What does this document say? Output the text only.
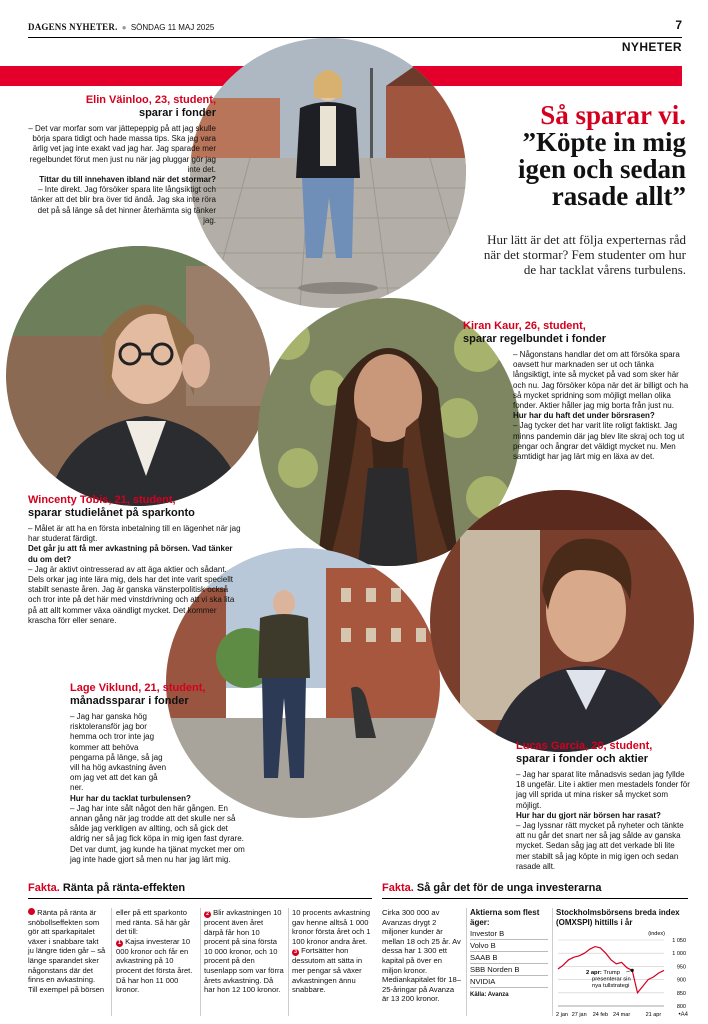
DAGENS NYHETER. ● SÖNDAG 11 MAJ 2025	7
NYHETER
Elin Väinloo, 23, student,
sparar i fonder

– Det var morfar som var jättepeppig på att jag skulle börja spara tidigt och hade massa tips. Ska jag vara ärlig vet jag inte exakt vad jag har. Jag sparade mer regelbundet förut men just nu när jag pluggar gör jag inte det.

Tittar du till innehaven ibland när det stormar?

– Inte direkt. Jag försöker spara lite långsiktigt och tänker att det blir bra över tid ändå. Jag ska inte röra det på så länge så det hinner återhämta sig tänker jag.

Så sparar vi.
”Köpte in mig igen och sedan rasade allt”
Hur lätt är det att följa experternas råd när det stormar? Fem studenter om hur de har tacklat vårens turbulens.
Kiran Kaur, 26, student,
sparar regelbundet i fonder

– Någonstans handlar det om att försöka spara oavsett hur marknaden ser ut och tänka långsiktigt, inte så mycket på vad som sker här och nu. Jag försöker köpa när det är billigt och ha så mycket spridning som möjligt mellan olika fonder. Aktier håller jag mig borta från just nu.

Hur har du haft det under börsrasen?

– Jag tycker det har varit lite roligt faktiskt. Jag minns pandemin där jag blev lite skraj och tog ut pengar och ångrar det väldigt mycket nu. Men samtidigt har jag lärt mig en läxa av det.

Wincenty Tobis, 21, student,
sparar studielånet på sparkonto

– Målet är att ha en första inbetalning till en lägenhet när jag har studerat färdigt.

Det går ju att få mer avkastning på börsen. Vad tänker du om det?

– Jag är aktivt ointresserad av att äga aktier och sådant. Dels orkar jag inte lära mig, dels har det inte varit speciellt stabilt senaste åren. Jag är ganska vänsterpolitisk också och tror inte på det här med vinstdrivning och att vi ska lita på att allt kommer växa oändligt mycket. Det kommer krascha förr eller senare.

Lage Viklund, 21, student,
månadssparar i fonder

– Jag har ganska hög risktoleransför jag bor hemma och tror inte jag kommer att behöva pengarna på länge, så jag vill ha hög avkastning även om jag vet att det kan gå ner.

Hur har du tacklat turbulensen?

– Jag har inte sålt något den här gången. En annan gång när jag trodde att det skulle ner så sålde jag verkligen av allting, och så gick det aldrig ner så jag fick köpa in mig igen fast dyrare. Det var dumt, jag kunde ha tjänat mycket mer om jag inte hade gjort så men nu har jag lärt mig.

Lucas Garcia, 20, student,
sparar i fonder och aktier

– Jag har sparat lite månadsvis sedan jag fyllde 18 ungefär. Lite i aktier men mestadels fonder för jag vill sprida ut mina risker så mycket som möjligt.

Hur har du gjort när börsen har rasat?

– Jag lyssnar rätt mycket på nyheter och tänkte att nu går det snart ner så jag sålde av ganska mycket. Sedan såg jag att det verkade bli lite mer stabilt så jag köpte in mig igen och sedan rasade allt.

Fakta. Ränta på ränta-effekten
Ränta på ränta är snöbollseffekten som gör att sparkapitalet växer i snabbare takt ju längre tiden går – så länge sparandet sker någonstans där det finns en avkastning. Till exempel på börsen
eller på ett sparkonto med ränta. Så här går det till:
1 Kajsa investerar 10 000 kronor och får en avkastning på 10 procent det första året. Då har hon 11 000 kronor.
2 Blir avkastningen 10 procent även året därpå får hon 10 procent på sina första 10 000 kronor, och 10 procent på den tusenlapp som var förra årets avkastning. Då har hon 12 100 kronor.
10 procents avkastning gav henne alltså 1 000 kronor första året och 1 100 kronor andra året.
3 Fortsätter hon dessutom att sätta in mer pengar så växer avkastningen ännu snabbare.
Fakta. Så går det för de unga investerarna
Cirka 300 000 av Avanzas drygt 2 miljoner kunder är mellan 18 och 25 år. Av dessa har 1 300 ett kapital på över en miljon kronor. Mediankapitalet för 18–25-åringar på Avanza är 13 200 kronor.
Aktierna som flest äger:
Investor B
Volvo B
SAAB B
SBB Norden B
NVIDIA
Källa: Avanza
Stockholmsbörsens breda index (OMXSPI) hittills i år
(index)
1 050
1 000
950
900
850
800
2 jan 27 jan 24 feb 24 mar	21 apr
2 apr: Trump presenterar sin nya tullstrategi
•A4
